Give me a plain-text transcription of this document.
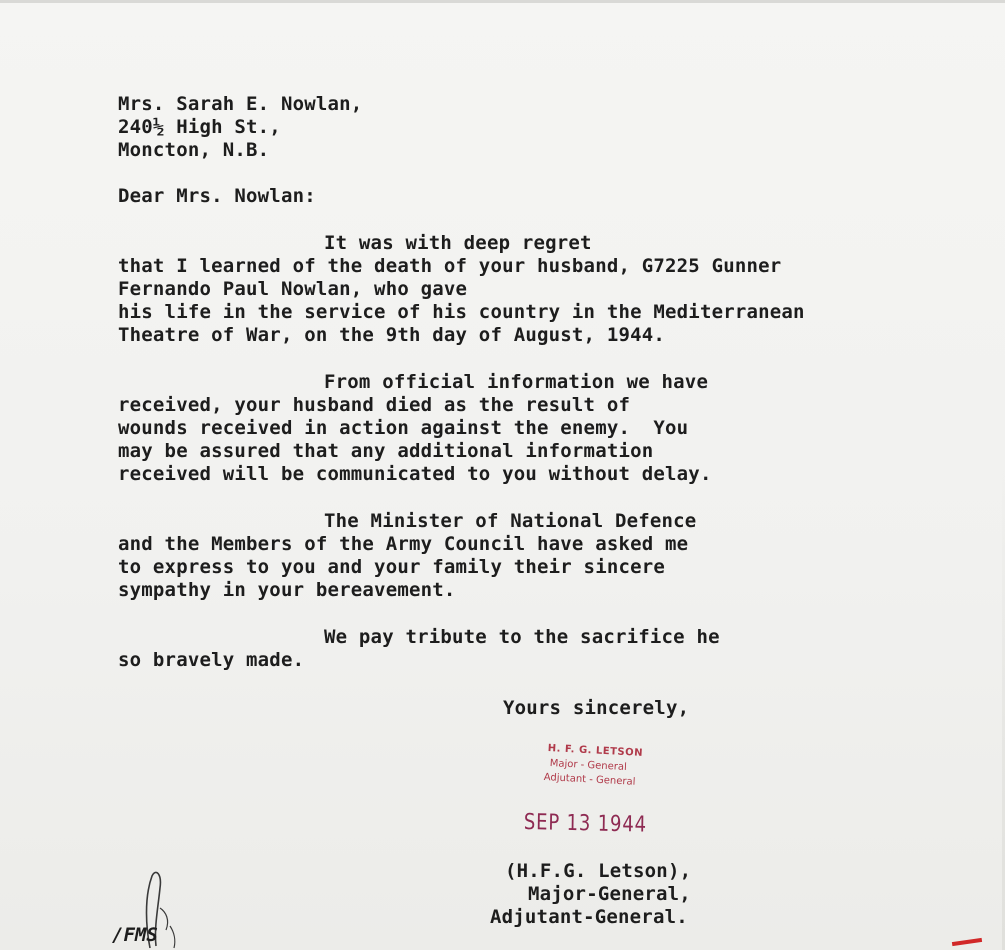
Mrs. Sarah E. Nowlan,
240½ High St.,
Moncton, N.B.
Dear Mrs. Nowlan:
It was with deep regret
that I learned of the death of your husband, G7225 Gunner
Fernando Paul Nowlan, who gave
his life in the service of his country in the Mediterranean
Theatre of War, on the 9th day of August, 1944.
From official information we have
received, your husband died as the result of
wounds received in action against the enemy.  You
may be assured that any additional information
received will be communicated to you without delay.
The Minister of National Defence
and the Members of the Army Council have asked me
to express to you and your family their sincere
sympathy in your bereavement.
We pay tribute to the sacrifice he
so bravely made.
Yours sincerely,
H. F. G. LETSON
Major - General
Adjutant - General
SEP 13 1944
(H.F.G. Letson),
Major-General,
Adjutant-General.
/FMS
